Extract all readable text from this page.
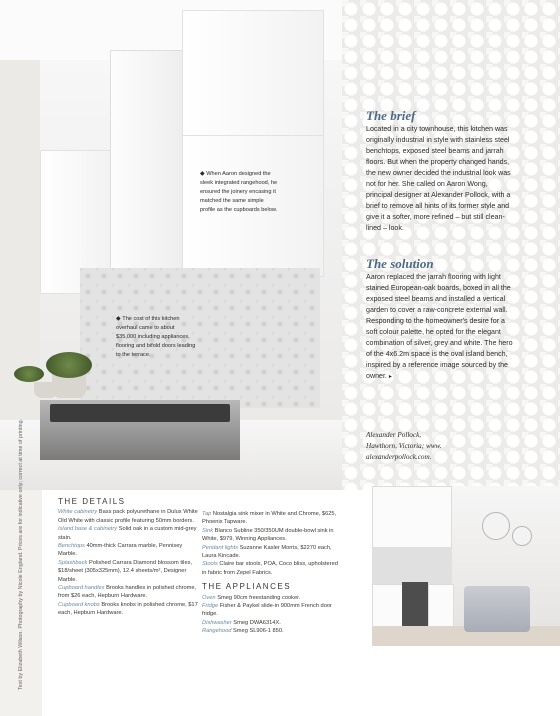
◆ When Aaron designed the sleek integrated rangehood, he ensured the joinery encasing it matched the same simple profile as the cupboards below.
◆ The cost of this kitchen overhaul came to about $35,000 including appliances, flooring and bifold doors leading to the terrace.
The brief

Located in a city townhouse, this kitchen was originally industrial in style with stainless steel benchtops, exposed steel beams and jarrah floors. But when the property changed hands, the new owner decided the industrial look was not for her. She called on Aaron Wong, principal designer at Alexander Pollock, with a brief to remove all hints of its former style and give it a softer, more refined – but still clean-lined – look.

The solution

Aaron replaced the jarrah flooring with light stained European-oak boards, boxed in all the exposed steel beams and installed a vertical garden to cover a raw-concrete external wall. Responding to the homeowner's desire for a soft colour palette, he opted for the elegant combination of silver, grey and white. The hero of the 4x6.2m space is the oval island bench, inspired by a reference image sourced by the owner. ▸

Alexander Pollock,
Hawthorn, Victoria; www.
alexanderpollock.com.
Text by Elizabeth Wilson. Photography by Nicole England. Prices are for indicative only; correct at time of printing.	THE DETAILS
White cabinetry Bass pack polyurethane in Dulux White Old White with classic profile featuring 50mm borders.
Island base & cabinetry Solid oak in a custom mid-grey stain.
Benchtops 40mm-thick Carrara marble, Pennisey Marble.
Splashback Polished Carrara Diamond blossom tiles, $18/sheet (305x325mm), 12.4 sheets/m², Designer Marble.
Cupboard handles Brooks handles in polished chrome, from $26 each, Hepburn Hardware.
Cupboard knobs Brooks knobs in polished chrome, $17 each, Hepburn Hardware.
Tap Nostalgia sink mixer in White and Chrome, $625, Phoenix Tapware.
Sink Blanco Subline 350/350UM double-bowl sink in White, $979, Winning Appliances.
Pendant lights Suzanne Kasler Morris, $2270 each, Laura Kincade.
Stools Claire bar stools, POA, Coco bliss, upholstered in fabric from Zepel Fabrics.
THE APPLIANCES
Oven Smeg 90cm freestanding cooker.
Fridge Fisher & Paykel slide-in 900mm French door fridge.
Dishwasher Smeg DWA6314X.
Rangehood Smeg SL906-1 850.
